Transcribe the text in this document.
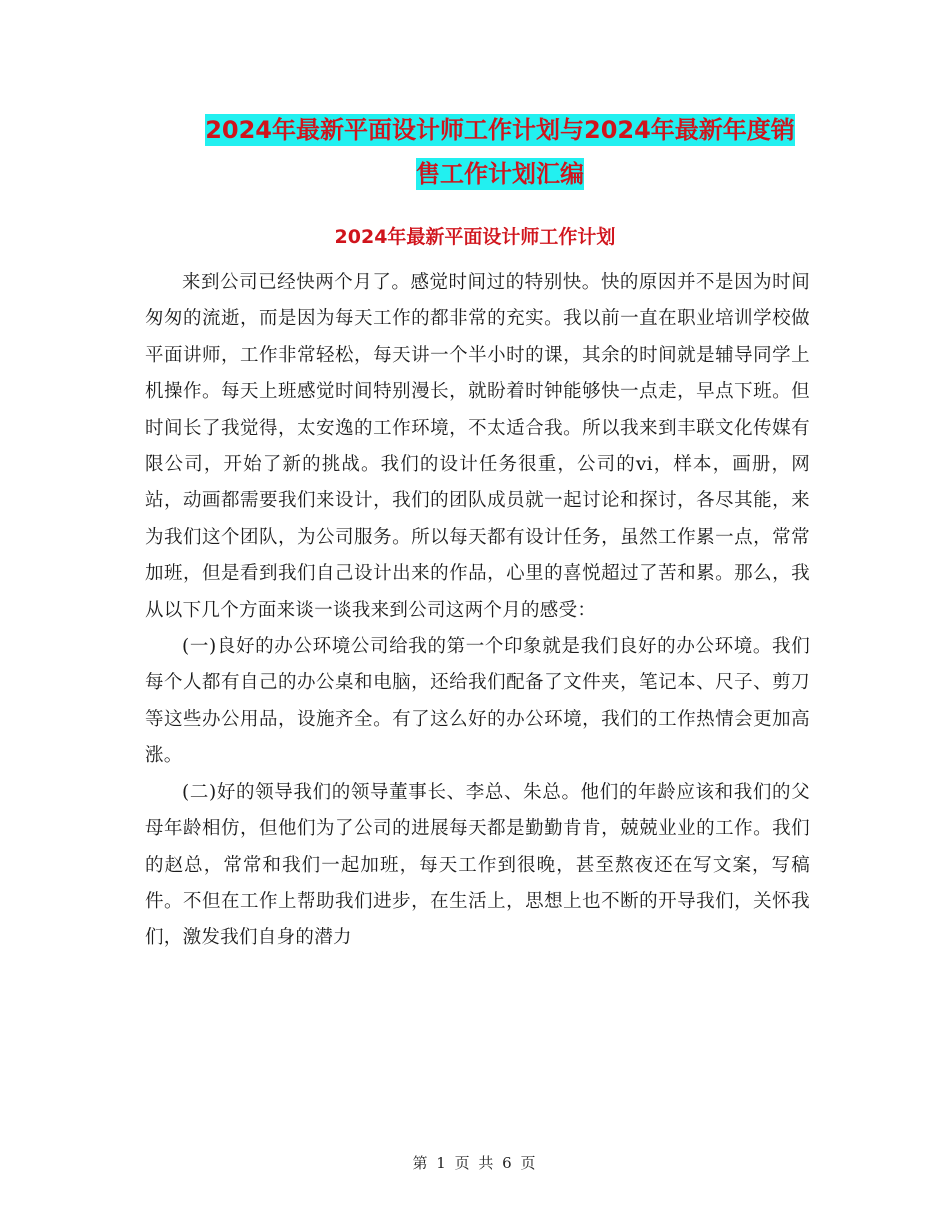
2024年最新平面设计师工作计划与2024年最新年度销
售工作计划汇编
2024年最新平面设计师工作计划

来到公司已经快两个月了。感觉时间过的特别快。快的原因并不是因为时间匆匆的流逝，而是因为每天工作的都非常的充实。我以前一直在职业培训学校做平面讲师，工作非常轻松，每天讲一个半小时的课，其余的时间就是辅导同学上机操作。每天上班感觉时间特别漫长，就盼着时钟能够快一点走，早点下班。但时间长了我觉得，太安逸的工作环境，不太适合我。所以我来到丰联文化传媒有限公司，开始了新的挑战。我们的设计任务很重，公司的vi，样本，画册，网站，动画都需要我们来设计，我们的团队成员就一起讨论和探讨，各尽其能，来为我们这个团队，为公司服务。所以每天都有设计任务，虽然工作累一点，常常加班，但是看到我们自己设计出来的作品，心里的喜悦超过了苦和累。那么，我从以下几个方面来谈一谈我来到公司这两个月的感受：

(一)良好的办公环境公司给我的第一个印象就是我们良好的办公环境。我们每个人都有自己的办公桌和电脑，还给我们配备了文件夹，笔记本、尺子、剪刀等这些办公用品，设施齐全。有了这么好的办公环境，我们的工作热情会更加高涨。

(二)好的领导我们的领导董事长、李总、朱总。他们的年龄应该和我们的父母年龄相仿，但他们为了公司的进展每天都是勤勤肯肯，兢兢业业的工作。我们的赵总，常常和我们一起加班，每天工作到很晚，甚至熬夜还在写文案，写稿件。不但在工作上帮助我们进步，在生活上，思想上也不断的开导我们，关怀我们，激发我们自身的潜力

第 1 页 共 6 页
